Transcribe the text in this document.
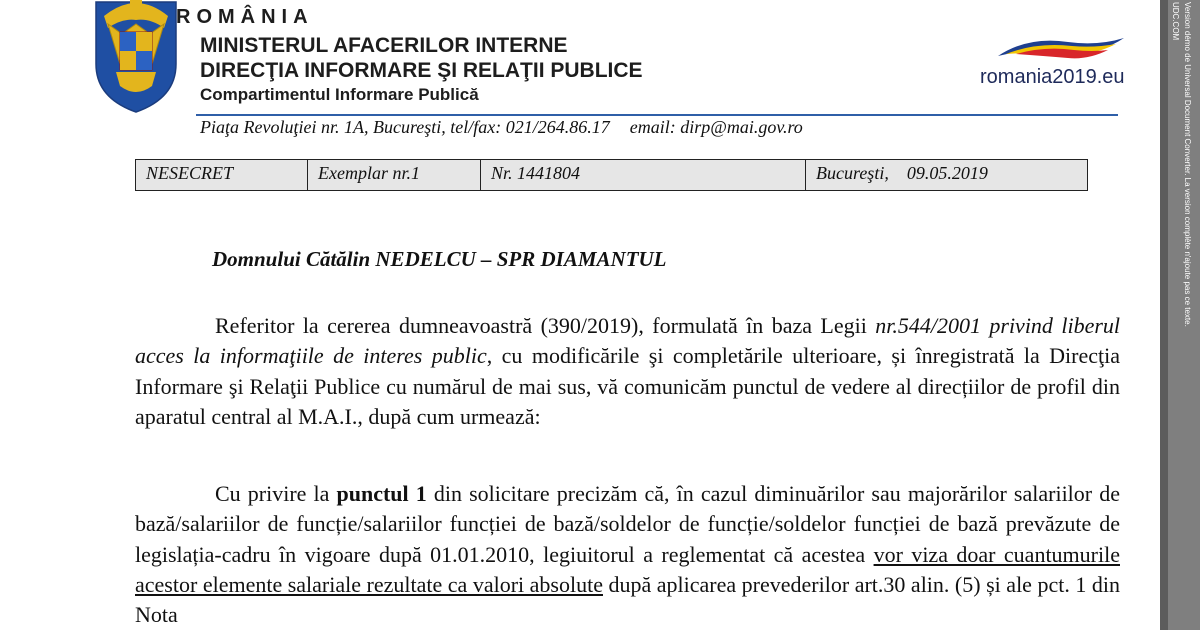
ROMÂNIA
MINISTERUL AFACERILOR INTERNE
DIRECŢIA INFORMARE ŞI RELAŢII PUBLICE
Compartimentul Informare Publică
Piaţa Revoluţiei nr. 1A, Bucureşti, tel/fax: 021/264.86.17 email: dirp@mai.gov.ro
romania2019.eu
NESECRET	Exemplar nr.1	Nr. 1441804	Bucureşti, 09.05.2019
Domnului Cătălin NEDELCU – SPR DIAMANTUL

Referitor la cererea dumneavoastră (390/2019), formulată în baza Legii nr.544/2001 privind liberul acces la informaţiile de interes public, cu modificările şi completările ulterioare, și înregistrată la Direcţia Informare şi Relaţii Publice cu numărul de mai sus, vă comunicăm punctul de vedere al direcțiilor de profil din aparatul central al M.A.I., după cum urmează:

Cu privire la punctul 1 din solicitare precizăm că, în cazul diminuărilor sau majorărilor salariilor de bază/salariilor de funcție/salariilor funcției de bază/soldelor de funcție/soldelor funcției de bază prevăzute de legislația-cadru în vigoare după 01.01.2010, legiuitorul a reglementat că acestea vor viza doar cuantumurile acestor elemente salariale rezultate ca valori absolute după aplicarea prevederilor art.30 alin. (5) și ale pct. 1 din Nota

Version démo de Universal Document Converter. La version complète n'ajoute pas ce texte.
UDC.COM
